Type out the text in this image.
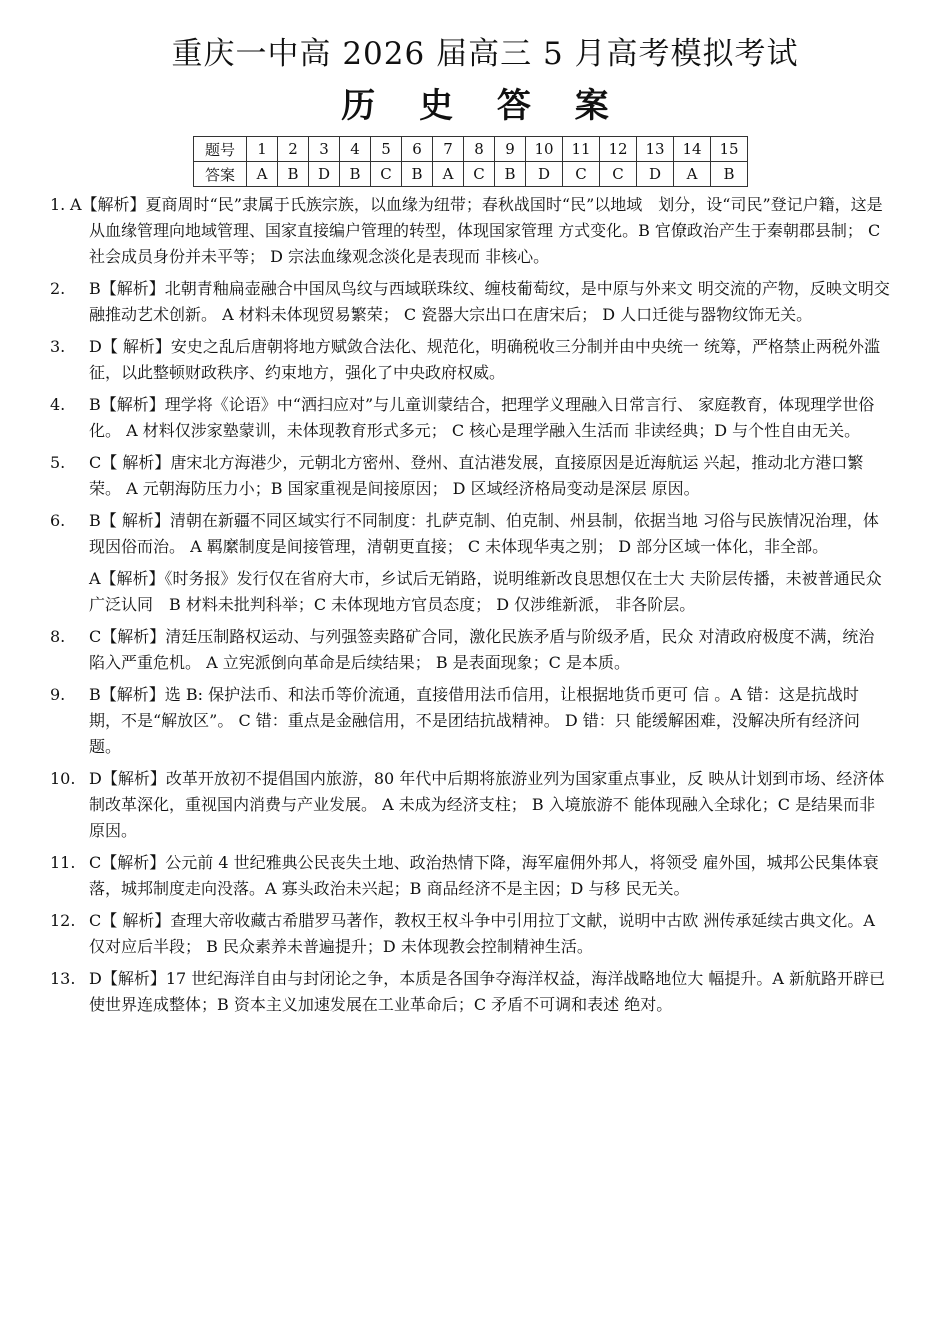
重庆一中高 2026 届高三 5 月高考模拟考试
历 史 答 案
题号	1	2	3	4	5	6	7	8	9	10	11	12	13	14	15
答案	A	B	D	B	C	B	A	C	B	D	C	C	D	A	B
1. A【解析】夏商周时“民”隶属于氏族宗族，以血缘为纽带；春秋战国时“民”以地域　划分，设“司民”登记户籍，这是从血缘管理向地域管理、国家直接编户管理的转型，体现国家管理 方式变化。B 官僚政治产生于秦朝郡县制； C 社会成员身份并未平等； D 宗法血缘观念淡化是表现而 非核心。

2.	B【解析】北朝青釉扁壶融合中国凤鸟纹与西域联珠纹、缠枝葡萄纹，是中原与外来文 明交流的产物，反映文明交融推动艺术创新。 A 材料未体现贸易繁荣； C 瓷器大宗出口在唐宋后； D 人口迁徙与器物纹饰无关。

3.	D【 解析】安史之乱后唐朝将地方赋敛合法化、规范化，明确税收三分制并由中央统一 统筹，严格禁止两税外滥征，以此整顿财政秩序、约束地方，强化了中央政府权威。

4.	B【解析】理学将《论语》中“洒扫应对”与儿童训蒙结合，把理学义理融入日常言行、 家庭教育，体现理学世俗化。 A 材料仅涉家塾蒙训，未体现教育形式多元； C 核心是理学融入生活而 非读经典；D 与个性自由无关。

5.	C【 解析】唐宋北方海港少，元朝北方密州、登州、直沽港发展，直接原因是近海航运 兴起，推动北方港口繁荣。 A 元朝海防压力小；B 国家重视是间接原因； D 区域经济格局变动是深层 原因。

6.	B【 解析】清朝在新疆不同区域实行不同制度：扎萨克制、伯克制、州县制，依据当地 习俗与民族情况治理，体现因俗而治。 A 羁縻制度是间接管理，清朝更直接； C 未体现华夷之别； D 部分区域一体化，非全部。

A【解析】《时务报》发行仅在省府大市，乡试后无销路，说明维新改良思想仅在士大 夫阶层传播，未被普通民众广泛认同　B 材料未批判科举；C 未体现地方官员态度； D 仅涉维新派， 非各阶层。

8.	C【解析】清廷压制路权运动、与列强签卖路矿合同，激化民族矛盾与阶级矛盾，民众 对清政府极度不满，统治陷入严重危机。 A 立宪派倒向革命是后续结果； B 是表面现象；C 是本质。

9.	B【解析】选 B: 保护法币、和法币等价流通，直接借用法币信用，让根据地货币更可 信 。A 错：这是抗战时期，不是“解放区”。 C 错：重点是金融信用，不是团结抗战精神。 D 错：只 能缓解困难，没解决所有经济问题。

10. D【解析】改革开放初不提倡国内旅游，80 年代中后期将旅游业列为国家重点事业，反 映从计划到市场、经济体制改革深化，重视国内消费与产业发展。 A 未成为经济支柱； B 入境旅游不 能体现融入全球化；C 是结果而非原因。

11. C【解析】公元前 4 世纪雅典公民丧失土地、政治热情下降，海军雇佣外邦人，将领受 雇外国，城邦公民集体衰落，城邦制度走向没落。A 寡头政治未兴起；B 商品经济不是主因；D 与移 民无关。

12. C【 解析】查理大帝收藏古希腊罗马著作，教权王权斗争中引用拉丁文献，说明中古欧 洲传承延续古典文化。A 仅对应后半段； B 民众素养未普遍提升；D 未体现教会控制精神生活。

13. D【解析】17 世纪海洋自由与封闭论之争，本质是各国争夺海洋权益，海洋战略地位大 幅提升。A 新航路开辟已使世界连成整体；B 资本主义加速发展在工业革命后；C 矛盾不可调和表述 绝对。
